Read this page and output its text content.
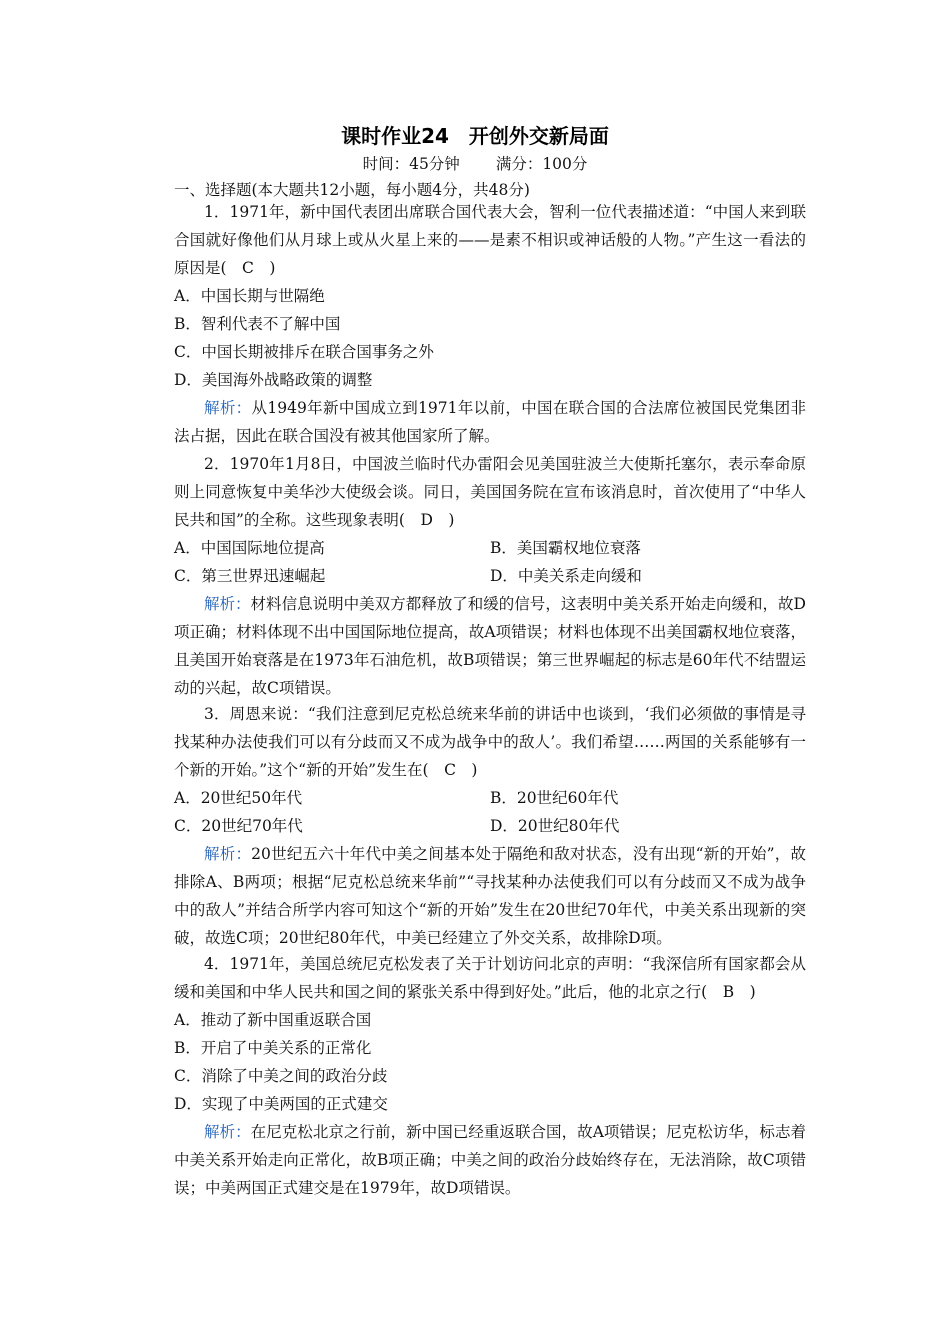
课时作业24　开创外交新局面
时间：45分钟 满分：100分
一、选择题(本大题共12小题，每小题4分，共48分)
1．1971年，新中国代表团出席联合国代表大会，智利一位代表描述道：“中国人来到联合国就好像他们从月球上或从火星上来的——是素不相识或神话般的人物。”产生这一看法的原因是(　C　)
A．中国长期与世隔绝
B．智利代表不了解中国
C．中国长期被排斥在联合国事务之外
D．美国海外战略政策的调整
解析：从1949年新中国成立到1971年以前，中国在联合国的合法席位被国民党集团非法占据，因此在联合国没有被其他国家所了解。
2．1970年1月8日，中国波兰临时代办雷阳会见美国驻波兰大使斯托塞尔，表示奉命原则上同意恢复中美华沙大使级会谈。同日，美国国务院在宣布该消息时，首次使用了“中华人民共和国”的全称。这些现象表明(　D　)
A．中国国际地位提高	B．美国霸权地位衰落
C．第三世界迅速崛起	D．中美关系走向缓和
解析：材料信息说明中美双方都释放了和缓的信号，这表明中美关系开始走向缓和，故D项正确；材料体现不出中国国际地位提高，故A项错误；材料也体现不出美国霸权地位衰落，且美国开始衰落是在1973年石油危机，故B项错误；第三世界崛起的标志是60年代不结盟运动的兴起，故C项错误。
3．周恩来说：“我们注意到尼克松总统来华前的讲话中也谈到，‘我们必须做的事情是寻找某种办法使我们可以有分歧而又不成为战争中的敌人’。我们希望……两国的关系能够有一个新的开始。”这个“新的开始”发生在(　C　)
A．20世纪50年代	B．20世纪60年代
C．20世纪70年代	D．20世纪80年代
解析：20世纪五六十年代中美之间基本处于隔绝和敌对状态，没有出现“新的开始”，故排除A、B两项；根据“尼克松总统来华前”“寻找某种办法使我们可以有分歧而又不成为战争中的敌人”并结合所学内容可知这个“新的开始”发生在20世纪70年代，中美关系出现新的突破，故选C项；20世纪80年代，中美已经建立了外交关系，故排除D项。
4．1971年，美国总统尼克松发表了关于计划访问北京的声明：“我深信所有国家都会从缓和美国和中华人民共和国之间的紧张关系中得到好处。”此后，他的北京之行(　B　)
A．推动了新中国重返联合国
B．开启了中美关系的正常化
C．消除了中美之间的政治分歧
D．实现了中美两国的正式建交
解析：在尼克松北京之行前，新中国已经重返联合国，故A项错误；尼克松访华，标志着中美关系开始走向正常化，故B项正确；中美之间的政治分歧始终存在，无法消除，故C项错误；中美两国正式建交是在1979年，故D项错误。
